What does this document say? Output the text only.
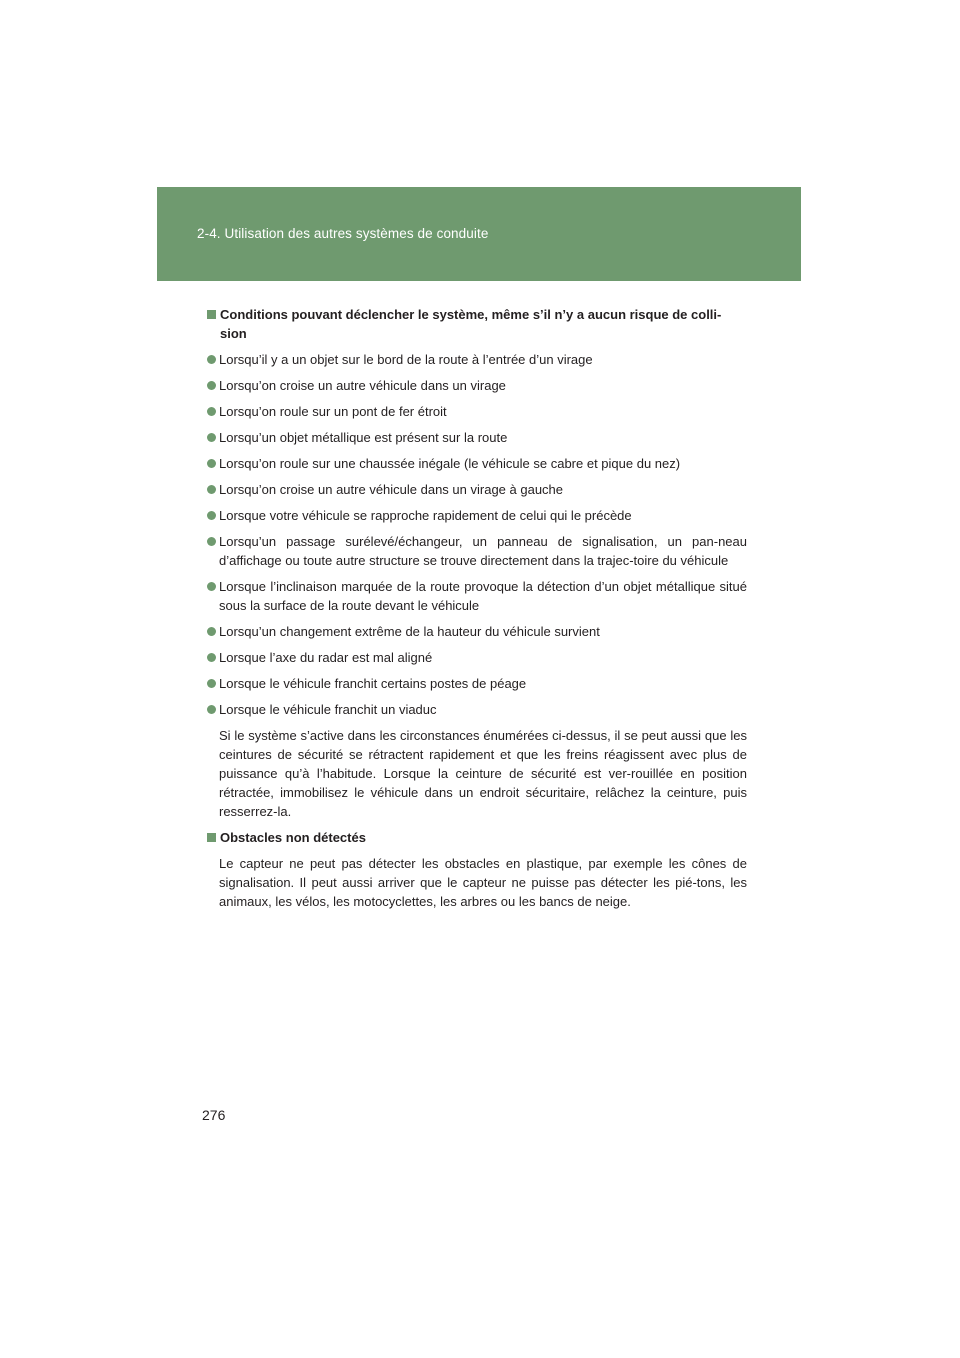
2-4. Utilisation des autres systèmes de conduite
Conditions pouvant déclencher le système, même s’il n’y a aucun risque de colli-sion
Lorsqu’il y a un objet sur le bord de la route à l’entrée d’un virage
Lorsqu’on croise un autre véhicule dans un virage
Lorsqu’on roule sur un pont de fer étroit
Lorsqu’un objet métallique est présent sur la route
Lorsqu’on roule sur une chaussée inégale (le véhicule se cabre et pique du nez)
Lorsqu’on croise un autre véhicule dans un virage à gauche
Lorsque votre véhicule se rapproche rapidement de celui qui le précède
Lorsqu’un passage surélevé/échangeur, un panneau de signalisation, un pan-neau d’affichage ou toute autre structure se trouve directement dans la trajec-toire du véhicule
Lorsque l’inclinaison marquée de la route provoque la détection d’un objet métallique situé sous la surface de la route devant le véhicule
Lorsqu’un changement extrême de la hauteur du véhicule survient
Lorsque l’axe du radar est mal aligné
Lorsque le véhicule franchit certains postes de péage
Lorsque le véhicule franchit un viaduc
Si le système s’active dans les circonstances énumérées ci-dessus, il se peut aussi que les ceintures de sécurité se rétractent rapidement et que les freins réagissent avec plus de puissance qu’à l’habitude. Lorsque la ceinture de sécurité est ver-rouillée en position rétractée, immobilisez le véhicule dans un endroit sécuritaire, relâchez la ceinture, puis resserrez-la.
Obstacles non détectés
Le capteur ne peut pas détecter les obstacles en plastique, par exemple les cônes de signalisation. Il peut aussi arriver que le capteur ne puisse pas détecter les pié-tons, les animaux, les vélos, les motocyclettes, les arbres ou les bancs de neige.
276
